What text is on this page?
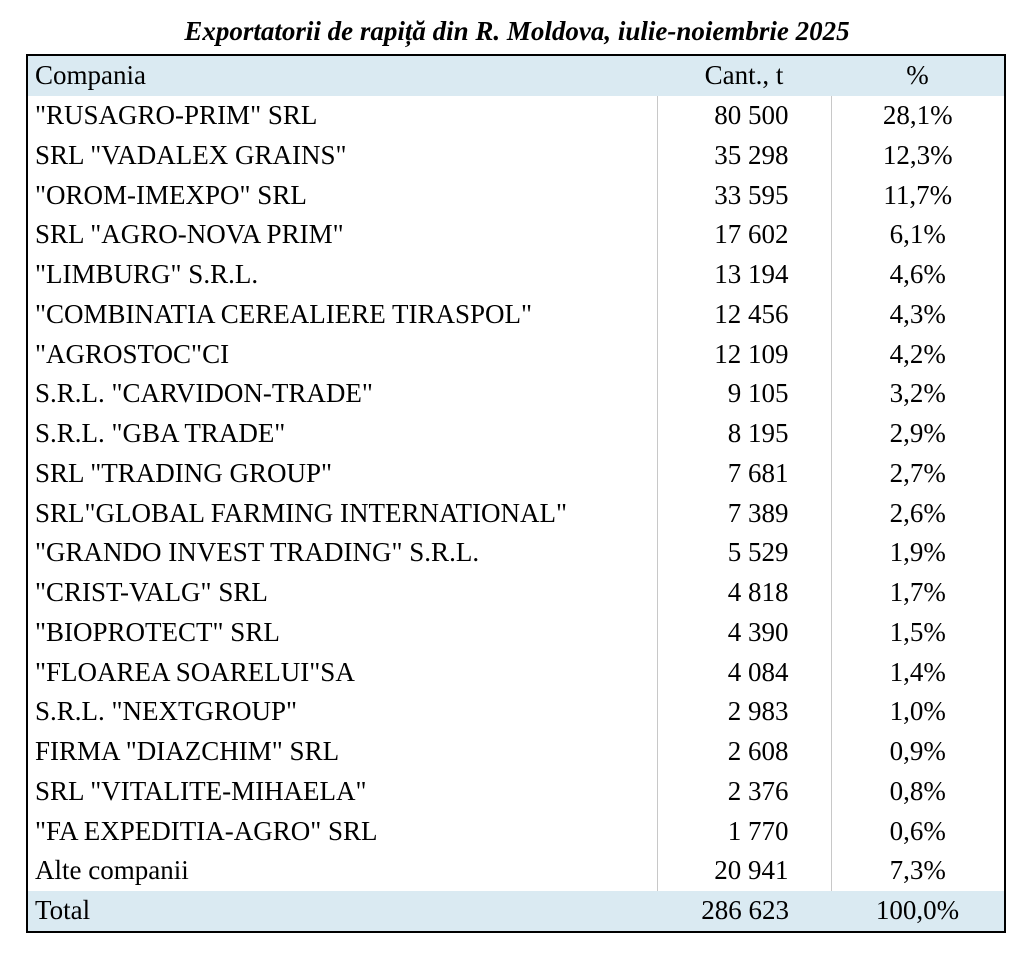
Exportatorii de rapiță din R. Moldova, iulie-noiembrie 2025
Compania	Cant., t	%
"RUSAGRO-PRIM" SRL	80 500	28,1%
SRL "VADALEX GRAINS"	35 298	12,3%
"OROM-IMEXPO" SRL	33 595	11,7%
SRL "AGRO-NOVA PRIM"	17 602	6,1%
"LIMBURG" S.R.L.	13 194	4,6%
"COMBINATIA CEREALIERE TIRASPOL"	12 456	4,3%
"AGROSTOC"CI	12 109	4,2%
S.R.L. "CARVIDON-TRADE"	9 105	3,2%
S.R.L. "GBA TRADE"	8 195	2,9%
SRL "TRADING GROUP"	7 681	2,7%
SRL"GLOBAL FARMING INTERNATIONAL"	7 389	2,6%
"GRANDO INVEST TRADING" S.R.L.	5 529	1,9%
"CRIST-VALG" SRL	4 818	1,7%
"BIOPROTECT" SRL	4 390	1,5%
"FLOAREA SOARELUI"SA	4 084	1,4%
S.R.L. "NEXTGROUP"	2 983	1,0%
FIRMA "DIAZCHIM" SRL	2 608	0,9%
SRL "VITALITE-MIHAELA"	2 376	0,8%
"FA EXPEDITIA-AGRO" SRL	1 770	0,6%
Alte companii	20 941	7,3%
Total	286 623	100,0%
